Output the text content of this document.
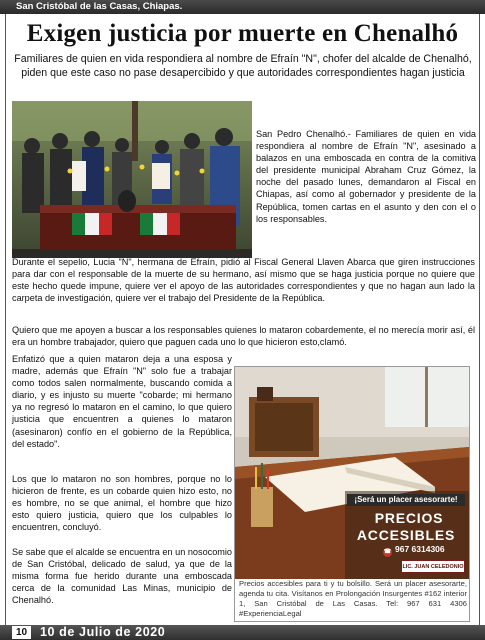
San Cristóbal de las Casas, Chiapas.
Exigen justicia por muerte en Chenalhó

Familiares de quien en vida respondiera al nombre de Efraín "N", chofer del alcalde de Chenalhó, piden que este caso no pase desapercibido y que autoridades correspondientes hagan justicia

San Pedro Chenalhó.- Familiares de quien en vida respondiera al nombre de Efraín "N", asesinado a balazos en una emboscada en contra de la comitiva del presidente municipal Abraham Cruz Gómez, la noche del pasado lunes, demandaron al Fiscal en Chiapas, así como al gobernador y presidente de la República, tomen cartas en el asunto y den con el o los responsables.

Durante el sepelio, Lucia "N", hermana de Efraín, pidió al Fiscal General Llaven Abarca que giren instrucciones para dar con el responsable de la muerte de su hermano, así mismo que se haga justicia porque no quiere que este hecho quede impune, quiere ver el apoyo de las autoridades correspondientes y que no hagan aun lado la carpeta de investigación, quiere ver el trabajo del Presidente de la República.

Quiero que me apoyen a buscar a los responsables quienes lo mataron cobardemente, el no merecía morir así, él era un hombre trabajador, quiero que paguen cada uno lo que hicieron esto,clamó.

Enfatizó que a quien mataron deja a una esposa y madre, además que Efraín "N" solo fue a trabajar como todos salen normalmente, buscando comida a diario, y es injusto su muerte "cobarde; mi hermano ya no regresó lo mataron en el camino, lo que quiero justicia que encuentren a quienes lo mataron (asesinaron) confío en el gobierno de la República, del estado".

Los que lo mataron no son hombres, porque no lo hicieron de frente, es un cobarde quien hizo esto, no es hombre, no se que animal, el hombre que hizo esto quiero justicia, quiero que los culpables lo encuentren, concluyó.

Se sabe que el alcalde se encuentra en un nosocomio de San Cristóbal, delicado de salud, ya que de la misma forma fue herido durante una emboscada cerca de la comunidad Las Minas, municipio de Chenalhó.

¡Será un placer asesorarte!
PRECIOS
ACCESIBLES
☎ 967 6314306
LIC. JUAN CELEDONIO

Precios accesibles para ti y tu bolsillo. Será un placer asesorarte, agenda tu cita. Visítanos en Prolongación Insurgentes #162 interior 1, San Cristóbal de Las Casas. Tel: 967 631 4306 #ExperienciaLegal

10	10 de Julio de 2020
